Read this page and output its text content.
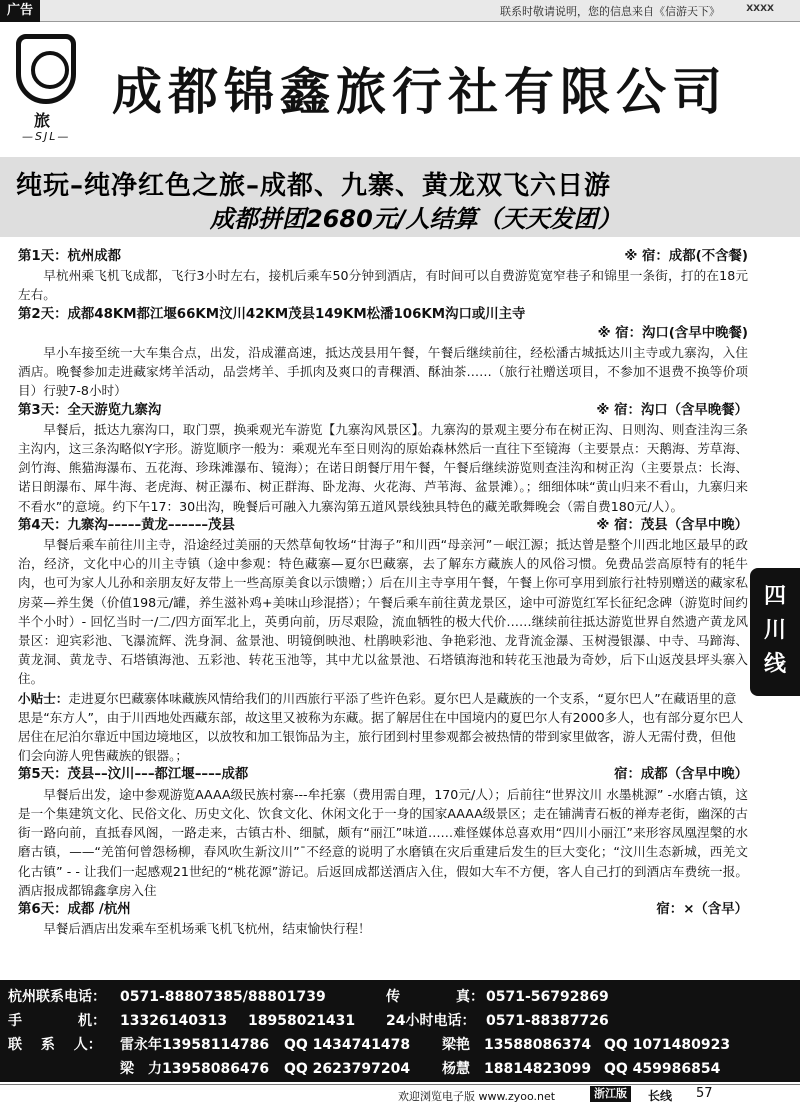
广告	联系时敬请说明，您的信息来自《信游天下》	XXXX
旅
—SJL—
成都锦鑫旅行社有限公司
纯玩–纯净红色之旅–成都、九寨、黄龙双飞六日游
成都拼团2680元/人结算（天天发团）
第1天：杭州成都	※ 宿：成都(不含餐)
早杭州乘飞机飞成都，飞行3小时左右，接机后乘车50分钟到酒店，有时间可以自费游览宽窄巷子和锦里一条街，打的在18元左右。
第2天：成都48KM都江堰66KM汶川42KM茂县149KM松潘106KM沟口或川主寺
※ 宿：沟口(含早中晚餐)
早小车接至统一大车集合点，出发，沿成灌高速，抵达茂县用午餐，午餐后继续前往，经松潘古城抵达川主寺或九寨沟，入住酒店。晚餐参加走进藏家烤羊活动，品尝烤羊、手抓肉及爽口的青稞酒、酥油茶……（旅行社赠送项目，不参加不退费不换等价项目）行驶7-8小时）
第3天：全天游览九寨沟	※ 宿：沟口（含早晚餐）
早餐后，抵达九寨沟口，取门票，换乘观光车游览【九寨沟风景区】。九寨沟的景观主要分布在树正沟、日则沟、则查洼沟三条主沟内，这三条沟略似Y字形。游览顺序一般为：乘观光车至日则沟的原始森林然后一直往下至镜海（主要景点：天鹅海、芳草海、剑竹海、熊猫海瀑布、五花海、珍珠滩瀑布、镜海）；在诺日朗餐厅用午餐，午餐后继续游览则查洼沟和树正沟（主要景点：长海、诺日朗瀑布、犀牛海、老虎海、树正瀑布、树正群海、卧龙海、火花海、芦苇海、盆景滩）。；细细体味“黄山归来不看山，九寨归来不看水”的意境。约下午17：30出沟，晚餐后可融入九寨沟第五道风景线独具特色的藏羌歌舞晚会（需自费180元/人）。
第4天：九寨沟–––––黄龙––––––茂县	※ 宿：茂县（含早中晚）
早餐后乘车前往川主寺，沿途经过美丽的天然草甸牧场“甘海子”和川西“母亲河”－岷江源；抵达曾是整个川西北地区最早的政治，经济，文化中心的川主寺镇（途中参观：特色藏寨—夏尔巴藏寨，去了解东方藏族人的风俗习惯。免费品尝高原特有的牦牛肉，也可为家人儿孙和亲朋友好友带上一些高原美食以示馈赠；）后在川主寺享用午餐，午餐上你可享用到旅行社特别赠送的藏家私房菜—养生煲（价值198元/罐，养生滋补鸡+美味山珍混搭）；午餐后乘车前往黄龙景区，途中可游览红军长征纪念碑（游览时间约半个小时）- 回忆当时一/二/四方面军北上，英勇向前，历尽艰险，流血牺牲的极大代价……继续前往抵达游览世界自然遗产黄龙风景区：迎宾彩池、飞瀑流辉、洗身洞、盆景池、明镜倒映池、杜鹃映彩池、争艳彩池、龙背流金瀑、玉树漫银瀑、中寺、马蹄海、黄龙洞、黄龙寺、石塔镇海池、五彩池、转花玉池等，其中尤以盆景池、石塔镇海池和转花玉池最为奇妙，后下山返茂县坪头寨入住。
小贴士：走进夏尔巴藏寨体味藏族风情给我们的川西旅行平添了些许色彩。夏尔巴人是藏族的一个支系，“夏尔巴人”在藏语里的意思是“东方人”，由于川西地处西藏东部，故这里又被称为东藏。据了解居住在中国境内的夏巴尔人有2000多人，也有部分夏尔巴人居住在尼泊尔靠近中国边境地区，以放牧和加工银饰品为主，旅行团到村里参观都会被热情的带到家里做客，游人无需付费，但他们会向游人兜售藏族的银器。；
第5天：茂县––汶川–––都江堰––––成都	宿：成都（含早中晚）
早餐后出发，途中参观游览AAAA级民族村寨---牟托寨（费用需自理，170元/人）；后前往“世界汶川 水墨桃源” -水磨古镇，这是一个集建筑文化、民俗文化、历史文化、饮食文化、休闲文化于一身的国家AAAA级景区；走在铺满青石板的禅寿老街，幽深的古街一路向前，直抵春风阁，一路走来，古镇古朴、细腻，颇有“丽江”味道……难怪媒体总喜欢用“四川小丽江”来形容凤凰涅槃的水磨古镇，——“羌笛何曾怨杨柳，春风吹生新汶川”¯不经意的说明了水磨镇在灾后重建后发生的巨大变化；“汶川生态新城，西羌文化古镇” - - 让我们一起感观21世纪的“桃花源”游记。后返回成都送酒店入住，假如大车不方便，客人自己打的到酒店车费统一报。酒店报成都锦鑫拿房入住
第6天：成都 /杭州	宿：×（含早）
早餐后酒店出发乘车至机场乘飞机飞杭州，结束愉快行程！
四
川
线
杭州联系电话： 0571-88807385/88801739	传　　　　真： 0571-56792869
手　　　　机： 13326140313 18958021431 24小时电话： 0571-88387726
联　 系　 人： 雷永年13958114786 QQ 1434741478 梁艳　13588086374 QQ 1071480923
梁　力13958086476 QQ 2623797204 杨慧　18814823099 QQ 459986854
欢迎浏览电子版 www.zyoo.net	浙江版	长线 57
